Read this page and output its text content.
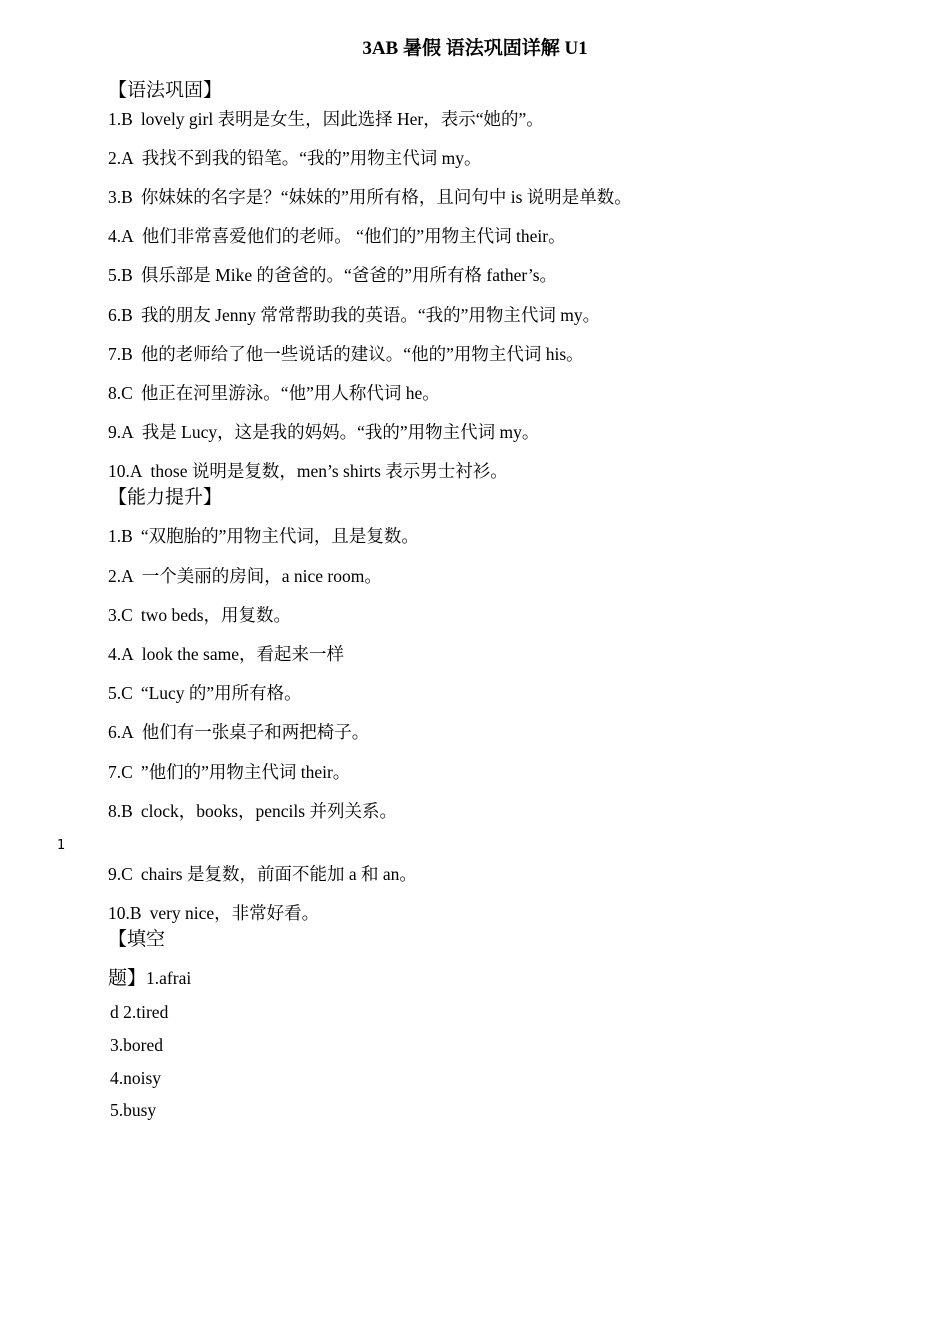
3AB 暑假 语法巩固详解 U1
【语法巩固】
1.B lovely girl 表明是女生，因此选择 Her，表示“她的”。
2.A 我找不到我的铅笔。“我的”用物主代词 my。
3.B 你妹妹的名字是？“妹妹的”用所有格，且问句中 is 说明是单数。
4.A 他们非常喜爱他们的老师。 “他们的”用物主代词 their。
5.B 俱乐部是 Mike 的爸爸的。“爸爸的”用所有格 father’s。
6.B 我的朋友 Jenny 常常帮助我的英语。“我的”用物主代词 my。
7.B 他的老师给了他一些说话的建议。“他的”用物主代词 his。
8.C 他正在河里游泳。“他”用人称代词 he。
9.A 我是 Lucy，这是我的妈妈。“我的”用物主代词 my。
10.A those 说明是复数，men’s shirts 表示男士衬衫。
【能力提升】
1.B “双胞胎的”用物主代词，且是复数。
2.A 一个美丽的房间，a nice room。
3.C two beds，用复数。
4.A look the same，看起来一样
5.C “Lucy 的”用所有格。
6.A 他们有一张桌子和两把椅子。
7.C ”他们的”用物主代词 their。
8.B clock，books，pencils 并列关系。
1
9.C chairs 是复数，前面不能加 a 和 an。
10.B very nice，非常好看。
【填空
题】1.afrai
d 2.tired
3.bored
4.noisy
5.busy
